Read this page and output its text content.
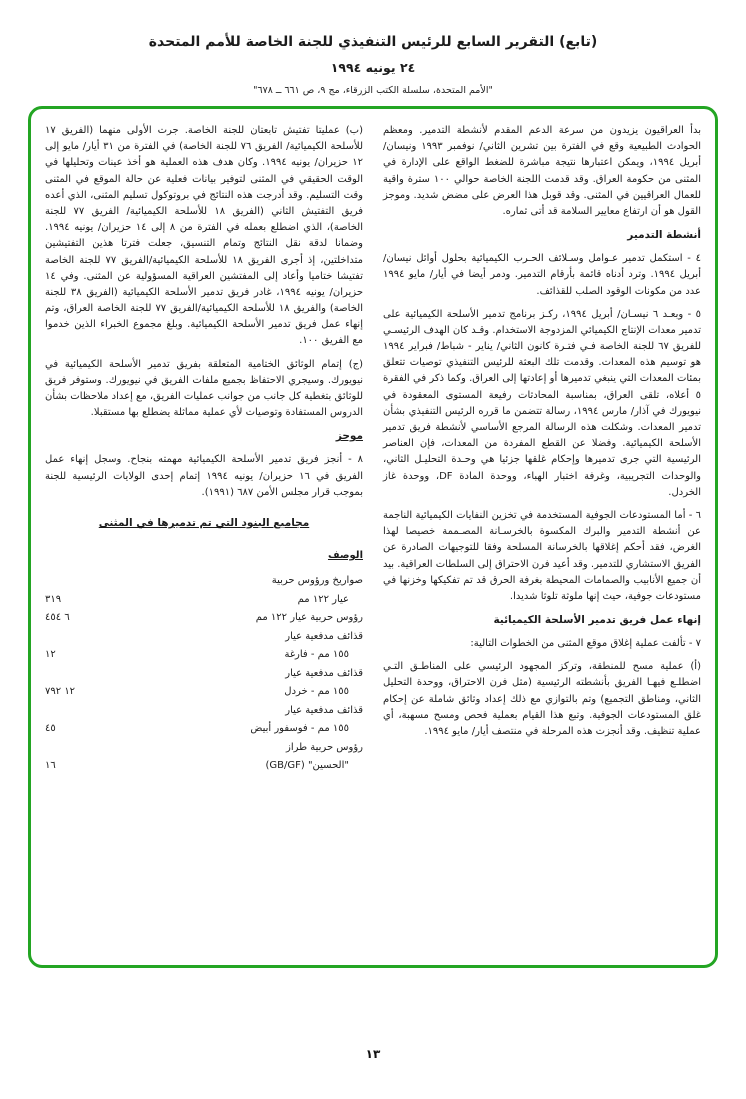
(تابع) التقرير السابع للرئيس التنفيذي للجنة الخاصة للأمم المتحدة
٢٤ يونيه ١٩٩٤
"الأمم المتحدة، سلسلة الكتب الزرقاء، مج ٩، ص ٦٦١ ــ ٦٧٨"

بدأ العراقيون يزيدون من سرعة الدعم المقدم لأنشطة التدمير. ومعظم الحوادث الطبيعية وقع في الفترة بين تشرين الثاني/ نوفمبر ١٩٩٣ ونيسان/ أبريل ١٩٩٤، ويمكن اعتبارها نتيجة مباشرة للضغط الواقع على الإدارة في المثنى من حكومة العراق. وقد قدمت اللجنة الخاصة حوالي ١٠٠ سترة واقية للعمال العراقيين في المثنى. وقد قوبل هذا العرض على مضض شديد. وموجز القول هو أن ارتفاع معايير السلامة قد أتى ثماره.

أنشطة التدمير

٤ - استكمل تدمير عـوامل وسـلائف الحـرب الكيميائية بحلول أوائل نيسان/ أبريل ١٩٩٤. وترد أدناه قائمة بأرقام التدمير. ودمر أيضا في أيار/ مايو ١٩٩٤ عدد من مكونات الوقود الصلب للقذائف.

٥ - وبعـد ٦ نيسـان/ أبريل ١٩٩٤، ركـز برنامج تدمير الأسلحة الكيميائية على تدمير معدات الإنتاج الكيميائي المزدوجة الاستخدام. وقـد كان الهدف الرئيسـي للفريق ٦٧ للجنة الخاصة فـي فتـرة كانون الثاني/ يناير - شباط/ فبراير ١٩٩٤ هو توسيم هذه المعدات. وقدمت تلك البعثة للرئيس التنفيذي توصيات تتعلق بمئات المعدات التي ينبغي تدميرها أو إعادتها إلى العراق. وكما ذكر في الفقرة ٥ أعلاه، تلقى العراق، بمناسبة المحادثات رفيعة المستوى المعقودة في نيويورك في آذار/ مارس ١٩٩٤، رسالة تتضمن ما قرره الرئيس التنفيذي بشأن تدمير المعدات. وشكلت هذه الرسالة المرجع الأساسي لأنشطة فريق تدمير الأسلحة الكيميائية. وفضلا عن القطع المفردة من المعدات، فإن العناصر الرئيسية التي جرى تدميرها وإحكام غلقها جزئيا هي وحـدة التحليـل الثاني، والوحدات التجريبية، وغرفة اختبار الهباء، ووحدة المادة DF، ووحدة غاز الخردل.

٦ - أما المستودعات الجوفية المستخدمة في تخزين النفايات الكيميائية الناجمة عن أنشطة التدمير والبرك المكسوة بالخرسـانة المصـممة خصيصا لهذا الغرض، فقد أحكم إغلاقها بالخرسانة المسلحة وفقا للتوجيهات الصادرة عن الفريق الاستشاري للتدمير. وقد أعيد فرن الاحتراق إلى السلطات العراقية. بيد أن جميع الأنابيب والصمامات المحيطة بغرفة الحرق قد تم تفكيكها وخزنها في مستودعات جوفية، حيث إنها ملوثة تلوثا شديدا.

إنهاء عمل فريق تدمير الأسلحة الكيميائية

٧ - تألفت عملية إغلاق موقع المثنى من الخطوات التالية:

(أ) عملية مسح للمنطقة، وتركز المجهود الرئيسي على المناطـق التـي اضطلـع فيهـا الفريق بأنشطته الرئيسية (مثل فرن الاحتراق، ووحدة التحليل الثاني، ومناطق التجميع) وتم بالتوازي مع ذلك إعداد وثائق شاملة عن إحكام غلق المستودعات الجوفية. وتبع هذا القيام بعملية فحص ومسح مسهبة، أي عملية تنظيف. وقد أنجزت هذه المرحلة في منتصف أيار/ مايو ١٩٩٤.

(ب) عمليتا تفتيش تابعتان للجنة الخاصة. جرت الأولى منهما (الفريق ١٧ للأسلحة الكيميائية/ الفريق ٧٦ للجنة الخاصة) في الفترة من ٣١ أيار/ مايو إلى ١٢ حزيران/ يونيه ١٩٩٤. وكان هدف هذه العملية هو أخذ عينات وتحليلها في الوقت الحقيقي في المثنى لتوفير بيانات فعلية عن حالة الموقع في المثنى وقت التسليم. وقد أدرجت هذه النتائج في بروتوكول تسليم المثنى، الذي أعده فريق التفتيش الثاني (الفريق ١٨ للأسلحة الكيميائية/ الفريق ٧٧ للجنة الخاصة)، الذي اضطلع بعمله في الفترة من ٨ إلى ١٤ حزيران/ يونيه ١٩٩٤. وضمانا لدقة نقل النتائج وتمام التنسيق، جعلت فترتا هذين التفتيشين متداخلتين، إذ أجرى الفريق ١٨ للأسلحة الكيميائية/الفريق ٧٧ للجنة الخاصة تفتيشا ختاميا وأعاد إلى المفتشين العراقية المسؤولية عن المثنى. وفي ١٤ حزيران/ يونيه ١٩٩٤، غادر فريق تدمير الأسلحة الكيميائية (الفريق ٣٨ للجنة الخاصة) والفريق ١٨ للأسلحة الكيميائية/الفريق ٧٧ للجنة الخاصة العراق، وتم إنهاء عمل فريق تدمير الأسلحة الكيميائية. وبلغ مجموع الخبراء الذين خدموا مع الفريق ١٠٠.

(ج) إتمام الوثائق الختامية المتعلقة بفريق تدمير الأسلحة الكيميائية في نيويورك. وسيجري الاحتفاظ بجميع ملفات الفريق في نيويورك. وستوفر فريق للوثائق بتغطية كل جانب من جوانب عمليات الفريق، مع إعداد ملاحظات بشأن الدروس المستفادة وتوصيات لأي عملية مماثلة يضطلع بها مستقبلا.

موجز

٨ - أنجز فريق تدمير الأسلحة الكيميائية مهمته بنجاح. وسجل إنهاء عمل الفريق في ١٦ حزيران/ يونيه ١٩٩٤ إتمام إحدى الولايات الرئيسية للجنة بموجب قرار مجلس الأمن ٦٨٧ (١٩٩١).

مجاميع البنود التي تم تدميرها في المثنى
الوصف
صواريخ ورؤوس حربية
عيار ١٢٢ مم
٣١٩
رؤوس حربية عيار ١٢٢ مم
٦ ٤٥٤
قذائف مدفعية عيار
١٥٥ مم - فارغة
١٢
قذائف مدفعية عيار
١٥٥ مم - خردل
١٢ ٧٩٢
قذائف مدفعية عيار
١٥٥ مم - فوسفور أبيض
٤٥
رؤوس حربية طراز
"الحسين" (GB/GF)
١٦
١٣
